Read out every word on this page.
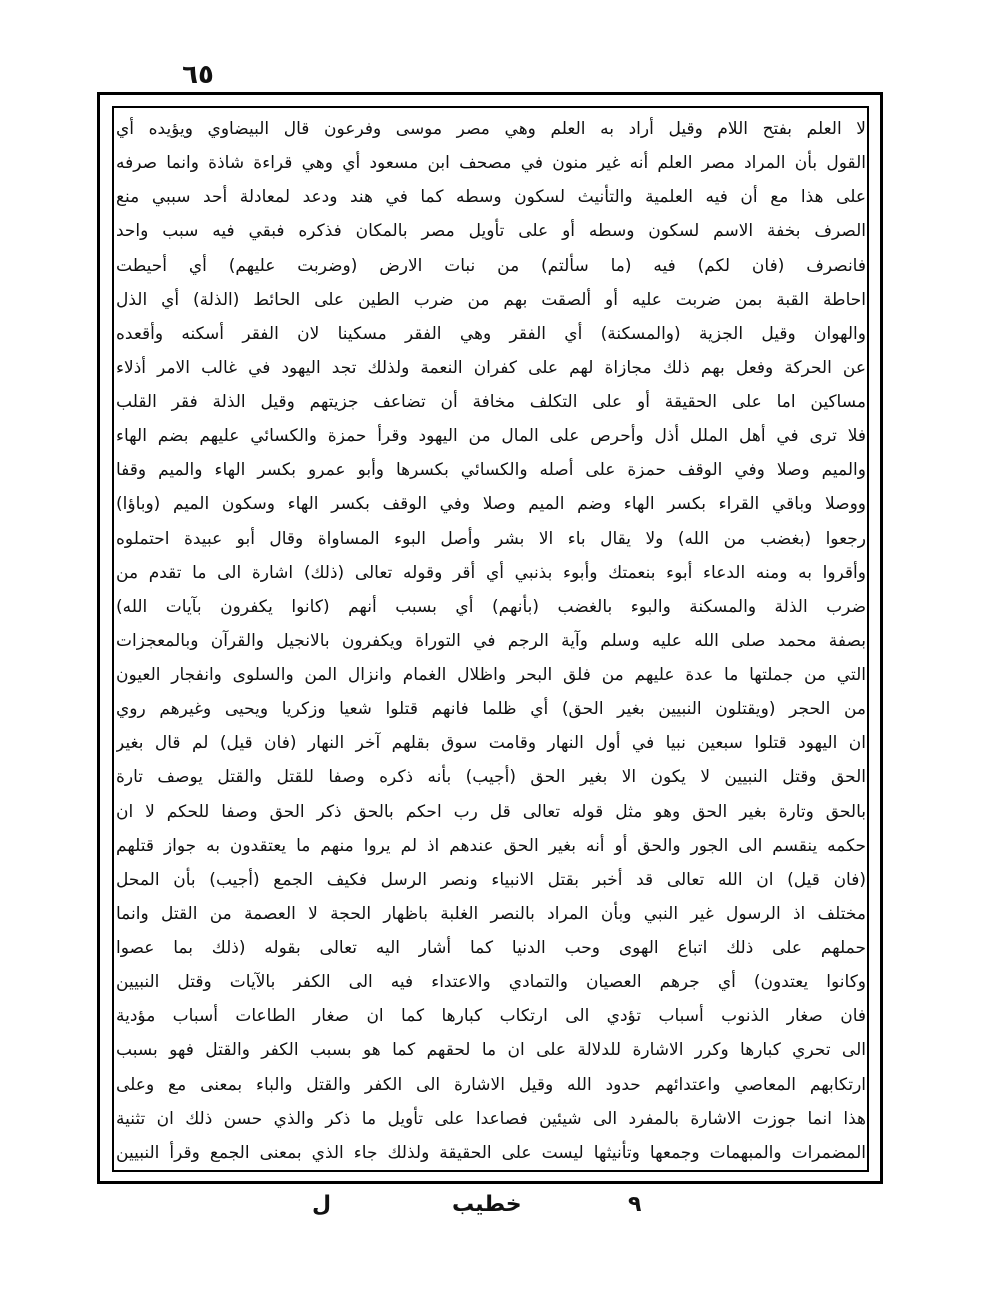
٦٥
لا العلم بفتح اللام وقيل أراد به العلم وهي مصر موسى وفرعون قال البيضاوي ويؤيده أي
القول بأن المراد مصر العلم أنه غير منون في مصحف ابن مسعود أي وهي قراءة شاذة وانما صرفه
على هذا مع أن فيه العلمية والتأنيث لسكون وسطه كما في هند ودعد لمعادلة أحد سببي منع
الصرف بخفة الاسم لسكون وسطه أو على تأويل مصر بالمكان فذكره فبقي فيه سبب واحد
فانصرف (فان لكم) فيه (ما سألتم) من نبات الارض (وضربت عليهم) أي أحيطت
احاطة القبة بمن ضربت عليه أو ألصقت بهم من ضرب الطين على الحائط (الذلة) أي الذل
والهوان وقيل الجزية (والمسكنة) أي الفقر وهي الفقر مسكينا لان الفقر أسكنه وأقعده
عن الحركة وفعل بهم ذلك مجازاة لهم على كفران النعمة ولذلك تجد اليهود في غالب الامر أذلاء
مساكين اما على الحقيقة أو على التكلف مخافة أن تضاعف جزيتهم وقيل الذلة فقر القلب
فلا ترى في أهل الملل أذل وأحرص على المال من اليهود وقرأ حمزة والكسائي عليهم بضم الهاء
والميم وصلا وفي الوقف حمزة على أصله والكسائي بكسرها وأبو عمرو بكسر الهاء والميم وقفا
ووصلا وباقي القراء بكسر الهاء وضم الميم وصلا وفي الوقف بكسر الهاء وسكون الميم (وباؤا)
رجعوا (بغضب من الله) ولا يقال باء الا بشر وأصل البوء المساواة وقال أبو عبيدة احتملوه
وأقروا به ومنه الدعاء أبوء بنعمتك وأبوء بذنبي أي أقر وقوله تعالى (ذلك) اشارة الى ما تقدم من
ضرب الذلة والمسكنة والبوء بالغضب (بأنهم) أي بسبب أنهم (كانوا يكفرون بآيات الله)
بصفة محمد صلى الله عليه وسلم وآية الرجم في التوراة ويكفرون بالانجيل والقرآن وبالمعجزات
التي من جملتها ما عدة عليهم من فلق البحر واظلال الغمام وانزال المن والسلوى وانفجار العيون
من الحجر (ويقتلون النبيين بغير الحق) أي ظلما فانهم قتلوا شعيا وزكريا ويحيى وغيرهم روي
ان اليهود قتلوا سبعين نبيا في أول النهار وقامت سوق بقلهم آخر النهار (فان قيل) لم قال بغير
الحق وقتل النبيين لا يكون الا بغير الحق (أجيب) بأنه ذكره وصفا للقتل والقتل يوصف تارة
بالحق وتارة بغير الحق وهو مثل قوله تعالى قل رب احكم بالحق ذكر الحق وصفا للحكم لا ان
حكمه ينقسم الى الجور والحق أو أنه بغير الحق عندهم اذ لم يروا منهم ما يعتقدون به جواز قتلهم
(فان قيل) ان الله تعالى قد أخبر بقتل الانبياء ونصر الرسل فكيف الجمع (أجيب) بأن المحل
مختلف اذ الرسول غير النبي وبأن المراد بالنصر الغلبة باظهار الحجة لا العصمة من القتل وانما
حملهم على ذلك اتباع الهوى وحب الدنيا كما أشار اليه تعالى بقوله (ذلك بما عصوا
وكانوا يعتدون) أي جرهم العصيان والتمادي والاعتداء فيه الى الكفر بالآيات وقتل النبيين
فان صغار الذنوب أسباب تؤدي الى ارتكاب كبارها كما ان صغار الطاعات أسباب مؤدية
الى تحري كبارها وكرر الاشارة للدلالة على ان ما لحقهم كما هو بسبب الكفر والقتل فهو بسبب
ارتكابهم المعاصي واعتدائهم حدود الله وقيل الاشارة الى الكفر والقتل والباء بمعنى مع وعلى
هذا انما جوزت الاشارة بالمفرد الى شيئين فصاعدا على تأويل ما ذكر والذي حسن ذلك ان تثنية
المضمرات والمبهمات وجمعها وتأنيثها ليست على الحقيقة ولذلك جاء الذي بمعنى الجمع وقرأ النبيين
ل	خطيب	٩
